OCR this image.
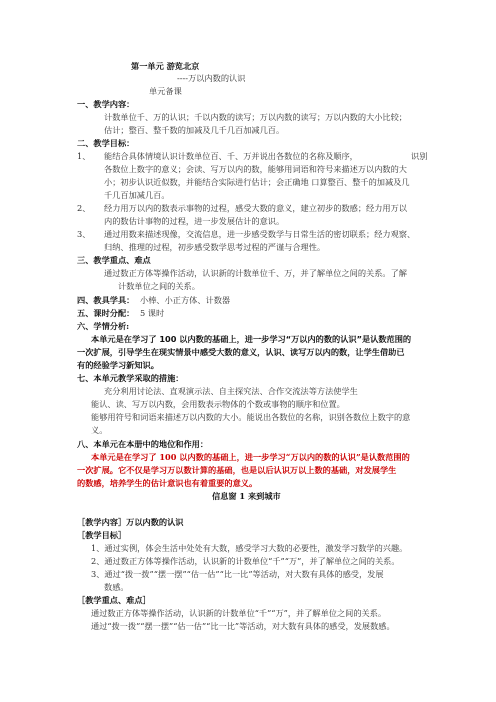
第一单元 游览北京
----万以内数的认识
单元备课
一、教学内容：
计数单位千、万的认识；千以内数的读写；万以内数的读写；万以内数的大小比较；
估计；整百、整千数的加减及几千几百加减几百。
二、教学目标：
1、 能结合具体情境认识计数单位百、千、万并说出各数位的名称及顺序，	识别
各数位上数字的意义；会读、写万以内的数，能够用词语和符号来描述万以内数的大
小；初步认识近似数，并能结合实际进行估计；会正确地 口算整百、整千的加减及几
千几百加减几百。
2、 经力用万以内的数表示事物的过程，感受大数的意义，建立初步的数感；经力用万以
内的数估计事物的过程，进一步发展估计的意识。
3、 通过用数来描述现像，交流信息，进一步感受数学与日常生活的密切联系；经力观察、
归纳、推理的过程，初步感受数学思考过程的严谨与合理性。
三、教学重点、难点
通过数正方体等操作活动，认识新的计数单位千、万，并了解单位之间的关系。了解
计数单位之间的关系。
四、教具学具： 小棒、小正方体、计数器
五、课时分配： 5 课时
六、学情分析:
本单元是在学习了 100 以内数的基础上，进一步学习“万以内的数的认识”是认数范围的
一次扩展，引导学生在现实情景中感受大数的意义，认识、读写万以内的数，让学生借助已
有的经验学习新知识。
七、本单元教学采取的措施：
充分利用讨论法、直观演示法、自主探究法、合作交流法等方法使学生
能认、读、写万以内数，会用数表示物体的个数或事物的顺序和位置。
能够用符号和词语来描述万以内数的大小。能说出各数位的名称，识别各数位上数字的意
义。
八、本单元在本册中的地位和作用：
本单元是在学习了 100 以内数的基础上，进一步学习“万以内的数的认识”是认数范围的
一次扩展。它不仅是学习万以数计算的基础，也是以后认识万以上数的基础，对发展学生
的数感，培养学生的估计意识也有着重要的意义。
信息窗 1 来到城市
［教学内容］万以内数的认识
［教学目标］
1、通过实例，体会生活中处处有大数，感受学习大数的必要性，激发学习数学的兴趣。
2、通过数正方体等操作活动，认识新的计数单位“千”“万”，并了解单位之间的关系。
3、通过“拨一拨”“摆一摆”“估一估”“比一比”等活动，对大数有具体的感受，发展
数感。
［教学重点、难点］
通过数正方体等操作活动，认识新的计数单位“千”“万”，并了解单位之间的关系。
通过“拨一拨”“摆一摆”“估一估”“比一比”等活动，对大数有具体的感受，发展数感。
